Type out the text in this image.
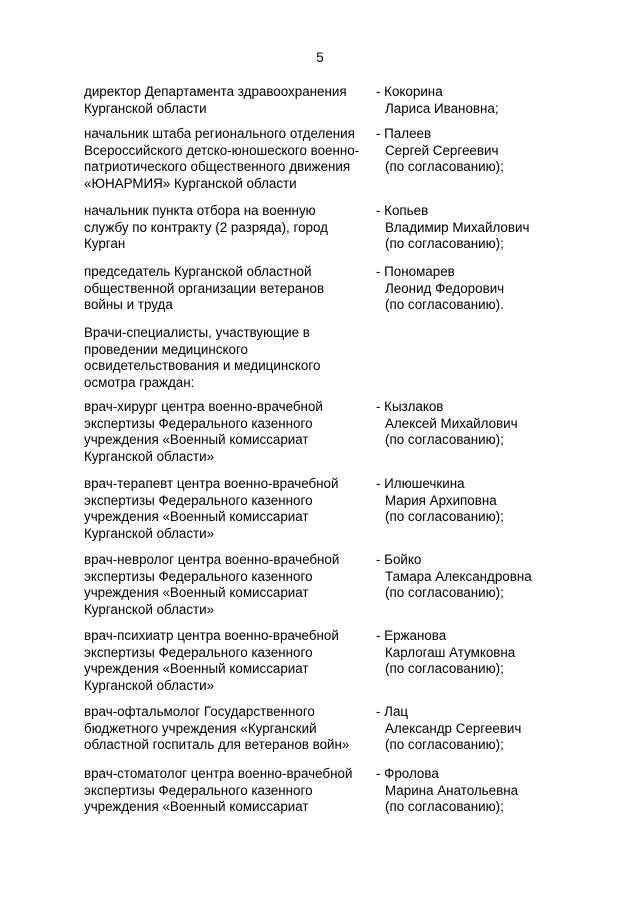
5
директор Департамента здравоохранения
Курганской области
- Кокорина
Лариса Ивановна;
начальник штаба регионального отделения
Всероссийского детско-юношеского военно-
патриотического общественного движения
«ЮНАРМИЯ» Курганской области
- Палеев
Сергей Сергеевич
(по согласованию);
начальник пункта отбора на военную
службу по контракту (2 разряда), город
Курган
- Копьев
Владимир Михайлович
(по согласованию);
председатель Курганской областной
общественной организации ветеранов
войны и труда
- Пономарев
Леонид Федорович
(по согласованию).
Врачи-специалисты, участвующие в
проведении медицинского
освидетельствования и медицинского
осмотра граждан:
врач-хирург центра военно-врачебной
экспертизы Федерального казенного
учреждения «Военный комиссариат
Курганской области»
- Кызлаков
Алексей Михайлович
(по согласованию);
врач-терапевт центра военно-врачебной
экспертизы Федерального казенного
учреждения «Военный комиссариат
Курганской области»
- Илюшечкина
Мария Архиповна
(по согласованию);
врач-невролог центра военно-врачебной
экспертизы Федерального казенного
учреждения «Военный комиссариат
Курганской области»
- Бойко
Тамара Александровна
(по согласованию);
врач-психиатр центра военно-врачебной
экспертизы Федерального казенного
учреждения «Военный комиссариат
Курганской области»
- Ержанова
Карлогаш Атумковна
(по согласованию);
врач-офтальмолог Государственного
бюджетного учреждения «Курганский
областной госпиталь для ветеранов войн»
- Лац
Александр Сергеевич
(по согласованию);
врач-стоматолог центра военно-врачебной
экспертизы Федерального казенного
учреждения «Военный комиссариат
- Фролова
Марина Анатольевна
(по согласованию);
